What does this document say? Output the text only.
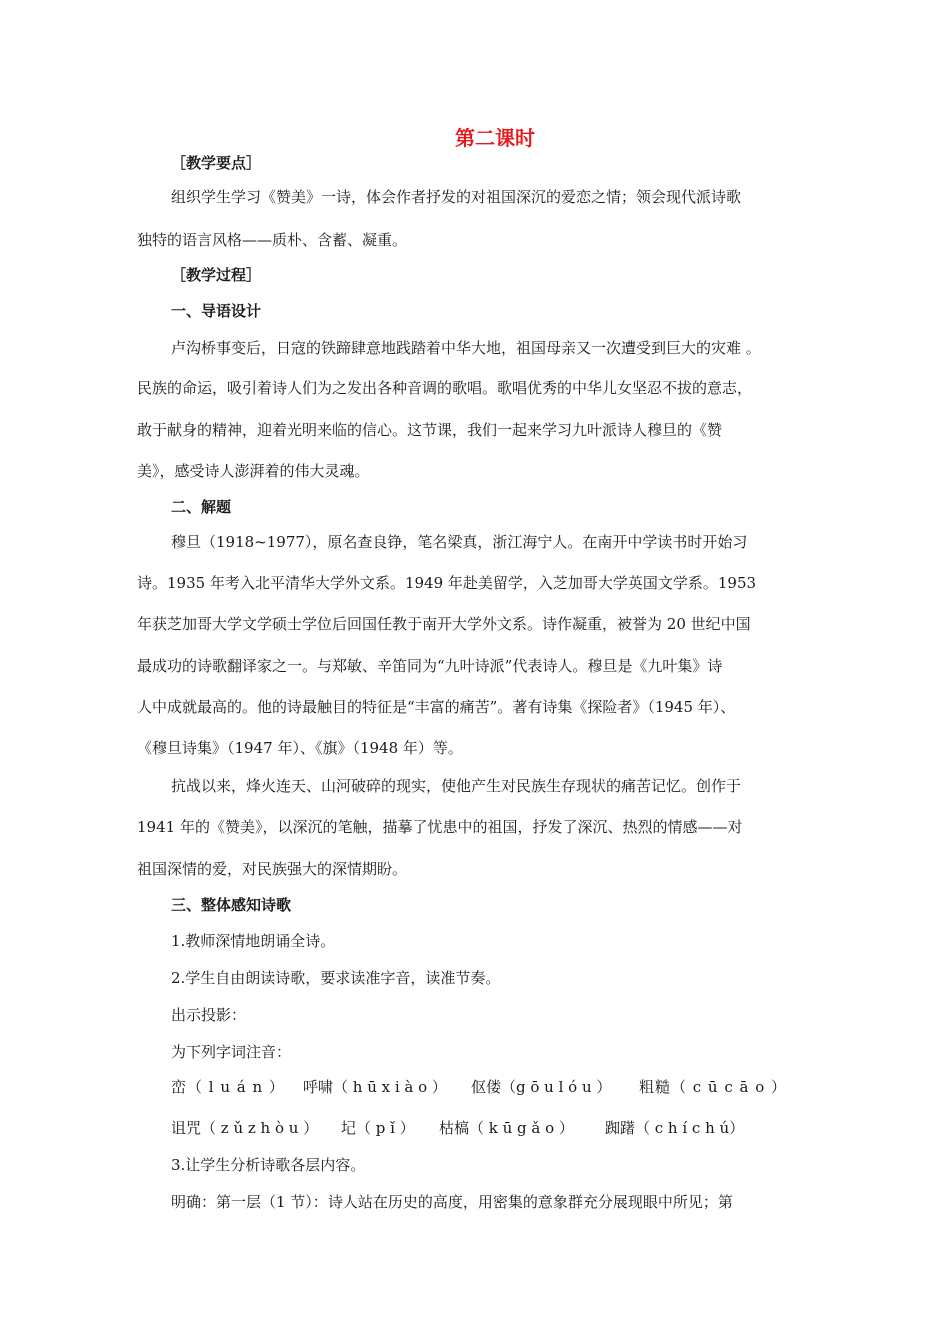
第二课时
［教学要点］
组织学生学习《赞美》一诗，体会作者抒发的对祖国深沉的爱恋之情；领会现代派诗歌
独特的语言风格——质朴、含蓄、凝重。
［教学过程］
一、导语设计
卢沟桥事变后，日寇的铁蹄肆意地践踏着中华大地，祖国母亲又一次遭受到巨大的灾难 。
民族的命运，吸引着诗人们为之发出各种音调的歌唱。歌唱优秀的中华儿女坚忍不拔的意志，
敢于献身的精神，迎着光明来临的信心。这节课，我们一起来学习九叶派诗人穆旦的《赞
美》，感受诗人澎湃着的伟大灵魂。
二、解题
穆旦（1918~1977），原名查良铮，笔名梁真，浙江海宁人。在南开中学读书时开始习
诗。1935 年考入北平清华大学外文系。1949 年赴美留学，入芝加哥大学英国文学系。1953
年获芝加哥大学文学硕士学位后回国任教于南开大学外文系。诗作凝重，被誉为 20 世纪中国
最成功的诗歌翻译家之一。与郑敏、辛笛同为“九叶诗派”代表诗人。穆旦是《九叶集》诗
人中成就最高的。他的诗最触目的特征是“丰富的痛苦”。著有诗集《探险者》（1945 年）、
《穆旦诗集》（1947 年）、《旗》（1948 年）等。
抗战以来，烽火连天、山河破碎的现实，使他产生对民族生存现状的痛苦记忆。创作于
1941 年的《赞美》，以深沉的笔触，描摹了忧患中的祖国，抒发了深沉、热烈的情感——对
祖国深情的爱，对民族强大的深情期盼。
三、整体感知诗歌
1.教师深情地朗诵全诗。
2.学生自由朗读诗歌，要求读准字音，读准节奏。
出示投影：
为下列字词注音：
峦（ l u á n ） 呼啸（ h ū x i à o ） 伛偻（g ō u l ó u ） 粗糙（ c ū c ā o ）
诅咒（ z ǔ z h ò u ） 圮（ p ǐ ） 枯槁（ k ū g ǎ o ） 踟躇（ c h í c h ú）
3.让学生分析诗歌各层内容。
明确：第一层（1 节）：诗人站在历史的高度，用密集的意象群充分展现眼中所见；第
